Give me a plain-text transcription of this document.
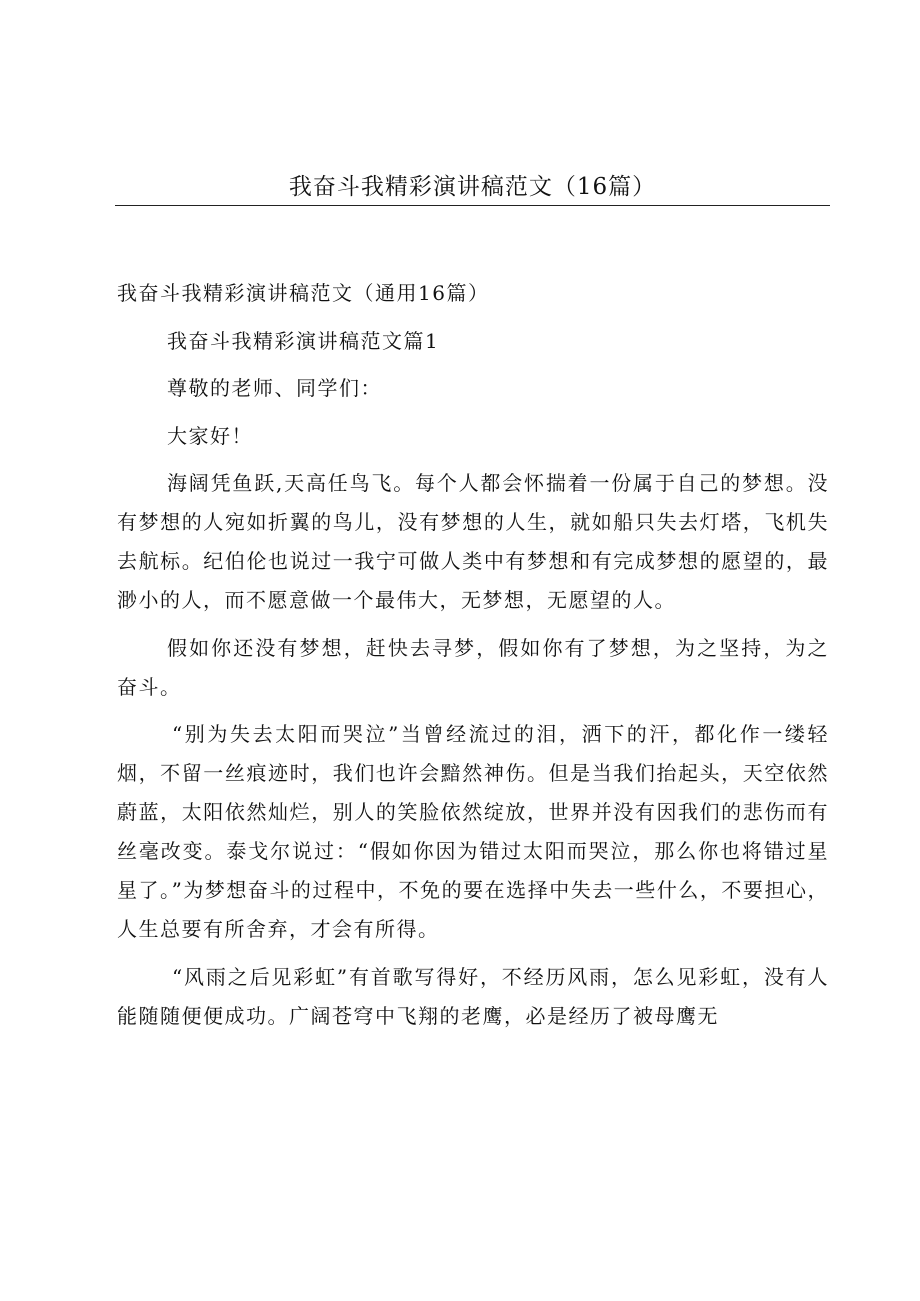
我奋斗我精彩演讲稿范文（16篇）

我奋斗我精彩演讲稿范文（通用16篇）

我奋斗我精彩演讲稿范文篇1

尊敬的老师、同学们：

大家好！

海阔凭鱼跃,天高任鸟飞。每个人都会怀揣着一份属于自己的梦想。没有梦想的人宛如折翼的鸟儿，没有梦想的人生，就如船只失去灯塔，飞机失去航标。纪伯伦也说过一我宁可做人类中有梦想和有完成梦想的愿望的，最渺小的人，而不愿意做一个最伟大，无梦想，无愿望的人。

假如你还没有梦想，赶快去寻梦，假如你有了梦想，为之坚持，为之奋斗。

“别为失去太阳而哭泣”当曾经流过的泪，洒下的汗，都化作一缕轻烟，不留一丝痕迹时，我们也许会黯然神伤。但是当我们抬起头，天空依然蔚蓝，太阳依然灿烂，别人的笑脸依然绽放，世界并没有因我们的悲伤而有丝毫改变。泰戈尔说过：“假如你因为错过太阳而哭泣，那么你也将错过星星了。”为梦想奋斗的过程中，不免的要在选择中失去一些什么，不要担心，人生总要有所舍弃，才会有所得。

“风雨之后见彩虹”有首歌写得好，不经历风雨，怎么见彩虹，没有人能随随便便成功。广阔苍穹中飞翔的老鹰，必是经历了被母鹰无
